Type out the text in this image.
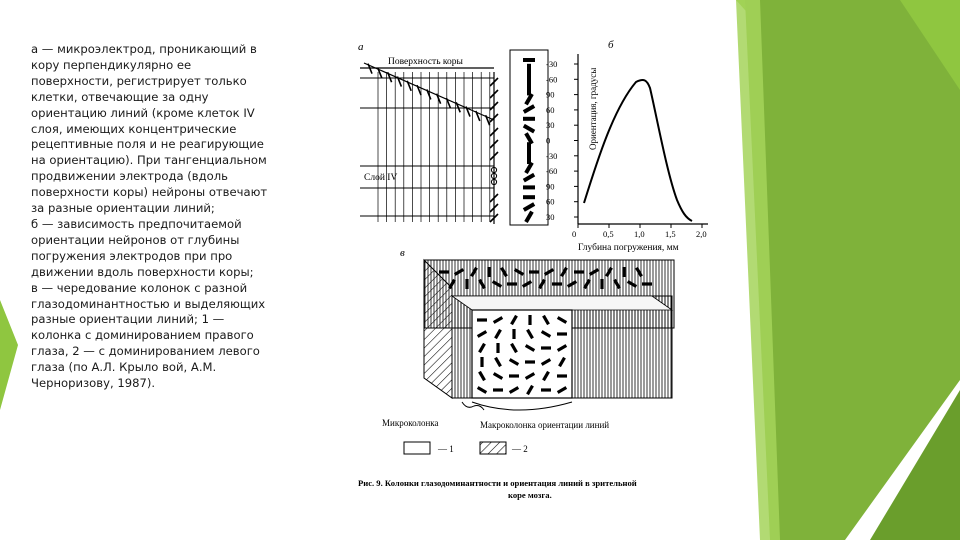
а — микроэлектрод, проникающий в
кору перпендикулярно ее
поверхности, регистрирует только
клетки, отвечающие за одну
ориентацию линий (кроме клеток IV
слоя, имеющих концентрические
рецептивные поля и не реагирующие
на ориентацию). При тангенциальном
продвижении электрода (вдоль
поверхности коры) нейроны отвечают
за разные ориентации линий;
б — зависимость предпочитаемой
ориентации нейронов от глубины
погружения электродов при про
движении вдоль поверхности коры;
в — чередование колонок с разной
глазодоминантностью и выделяющих
разные ориентации линий; 1 —
колонка с доминированием правого
глаза, 2 — с доминированием левого
глаза (по А.Л. Крыло вой, А.М.
Черноризову, 1987).
а
Поверхность коры
Слой IV
б
Ориентация, градусы
-30
-60
90
60
30
0
-30
-60
90
60
30
0	0,5 1,0 1,5 2,0
Глубина погружения, мм
в
Микроколонка	Макроколонка ориентации линий
— 1	— 2
Рис. 9. Колонки глазодоминантности и ориентация линий в зрительной
коре мозга.
